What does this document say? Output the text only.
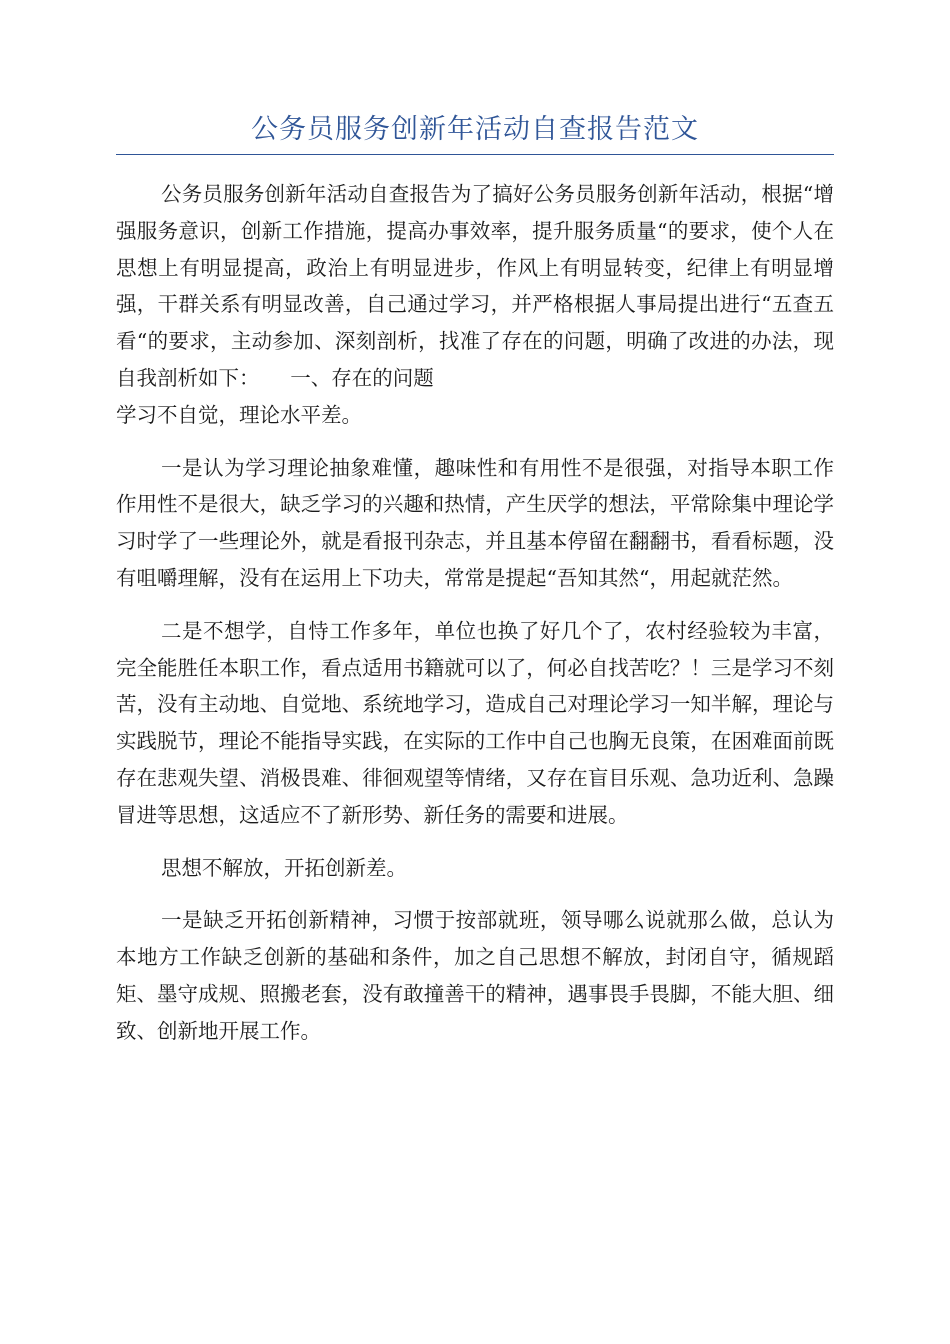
公务员服务创新年活动自查报告范文

公务员服务创新年活动自查报告为了搞好公务员服务创新年活动，根据“增强服务意识，创新工作措施，提高办事效率，提升服务质量“的要求，使个人在思想上有明显提高，政治上有明显进步，作风上有明显转变，纪律上有明显增强，干群关系有明显改善，自己通过学习，并严格根据人事局提出进行“五查五看“的要求，主动参加、深刻剖析，找准了存在的问题，明确了改进的办法，现自我剖析如下：　　一、存在的问题

学习不自觉，理论水平差。

一是认为学习理论抽象难懂，趣味性和有用性不是很强，对指导本职工作作用性不是很大，缺乏学习的兴趣和热情，产生厌学的想法，平常除集中理论学习时学了一些理论外，就是看报刊杂志，并且基本停留在翻翻书，看看标题，没有咀嚼理解，没有在运用上下功夫，常常是提起“吾知其然“，用起就茫然。

二是不想学，自恃工作多年，单位也换了好几个了，农村经验较为丰富，完全能胜任本职工作，看点适用书籍就可以了，何必自找苦吃？！三是学习不刻苦，没有主动地、自觉地、系统地学习，造成自己对理论学习一知半解，理论与实践脱节，理论不能指导实践，在实际的工作中自己也胸无良策，在困难面前既存在悲观失望、消极畏难、徘徊观望等情绪，又存在盲目乐观、急功近利、急躁冒进等思想，这适应不了新形势、新任务的需要和进展。

思想不解放，开拓创新差。

一是缺乏开拓创新精神，习惯于按部就班，领导哪么说就那么做，总认为本地方工作缺乏创新的基础和条件，加之自己思想不解放，封闭自守，循规蹈矩、墨守成规、照搬老套，没有敢撞善干的精神，遇事畏手畏脚，不能大胆、细致、创新地开展工作。
